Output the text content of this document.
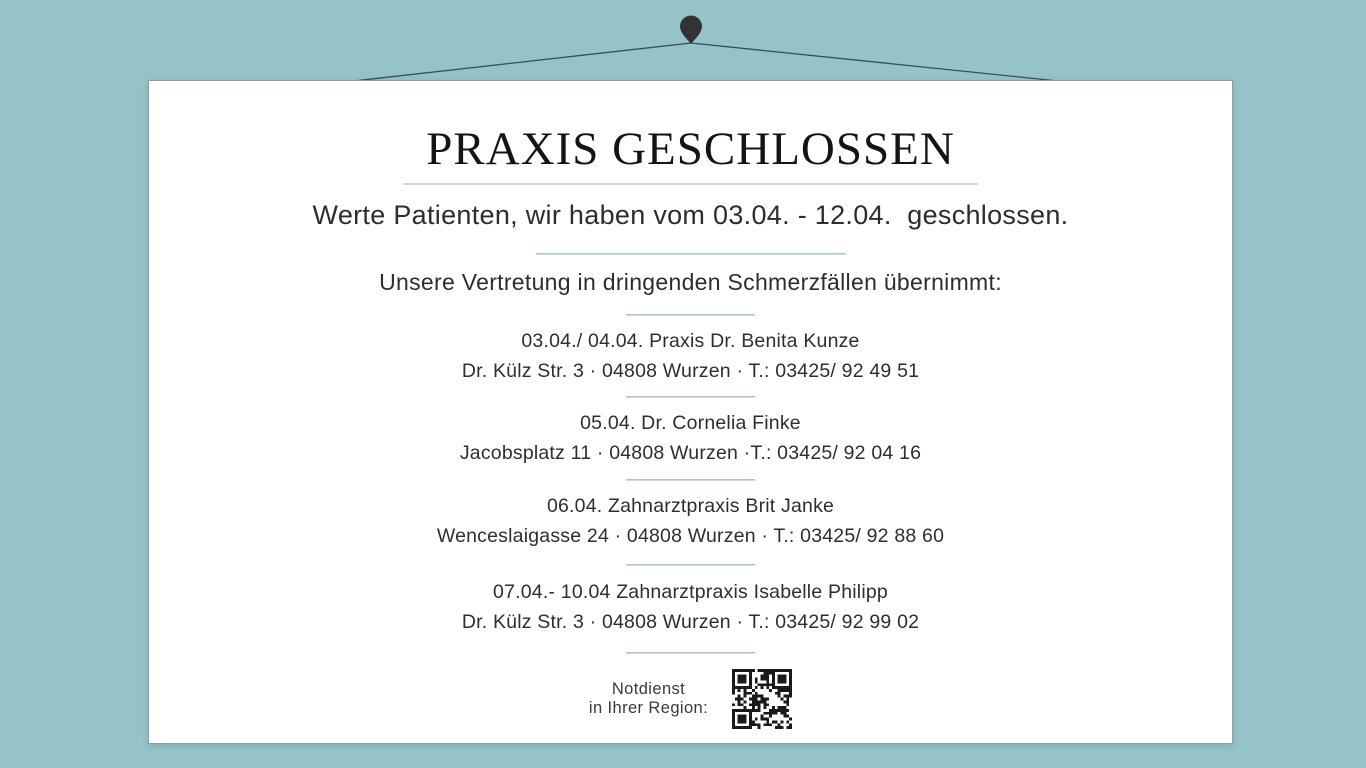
PRAXIS GESCHLOSSEN
Werte Patienten, wir haben vom 03.04. - 12.04.  geschlossen.
Unsere Vertretung in dringenden Schmerzfällen übernimmt:
03.04./ 04.04. Praxis Dr. Benita Kunze
Dr. Külz Str. 3 · 04808 Wurzen · T.: 03425/ 92 49 51
05.04. Dr. Cornelia Finke
Jacobsplatz 11 · 04808 Wurzen ·T.: 03425/ 92 04 16
06.04. Zahnarztpraxis Brit Janke
Wenceslaigasse 24 · 04808 Wurzen · T.: 03425/ 92 88 60
07.04.- 10.04 Zahnarztpraxis Isabelle Philipp
Dr. Külz Str. 3 · 04808 Wurzen · T.: 03425/ 92 99 02
Notdienst
in Ihrer Region:
